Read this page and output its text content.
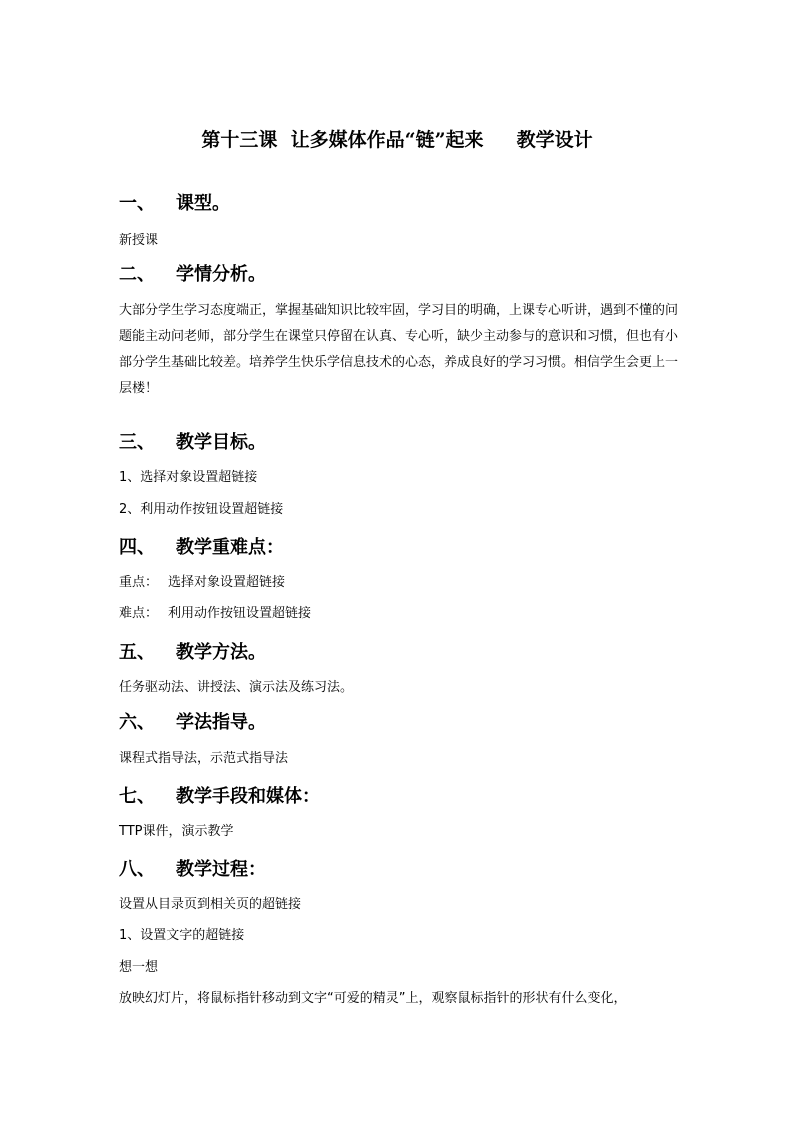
第十三课  让多媒体作品“链”起来     教学设计
一、 课型。
新授课
二、 学情分析。
大部分学生学习态度端正，掌握基础知识比较牢固，学习目的明确，上课专心听讲，遇到不懂的问题能主动问老师，部分学生在课堂只停留在认真、专心听，缺少主动参与的意识和习惯，但也有小部分学生基础比较差。培养学生快乐学信息技术的心态，养成良好的学习习惯。相信学生会更上一层楼！
三、 教学目标。
1、选择对象设置超链接
2、利用动作按钮设置超链接
四、 教学重难点：
重点： 选择对象设置超链接
难点： 利用动作按钮设置超链接
五、 教学方法。
任务驱动法、讲授法、演示法及练习法。
六、 学法指导。
课程式指导法，示范式指导法
七、 教学手段和媒体：
TTP课件，演示教学
八、 教学过程：
设置从目录页到相关页的超链接
1、设置文字的超链接
想一想
放映幻灯片，将鼠标指针移动到文字“可爱的精灵”上，观察鼠标指针的形状有什么变化，
